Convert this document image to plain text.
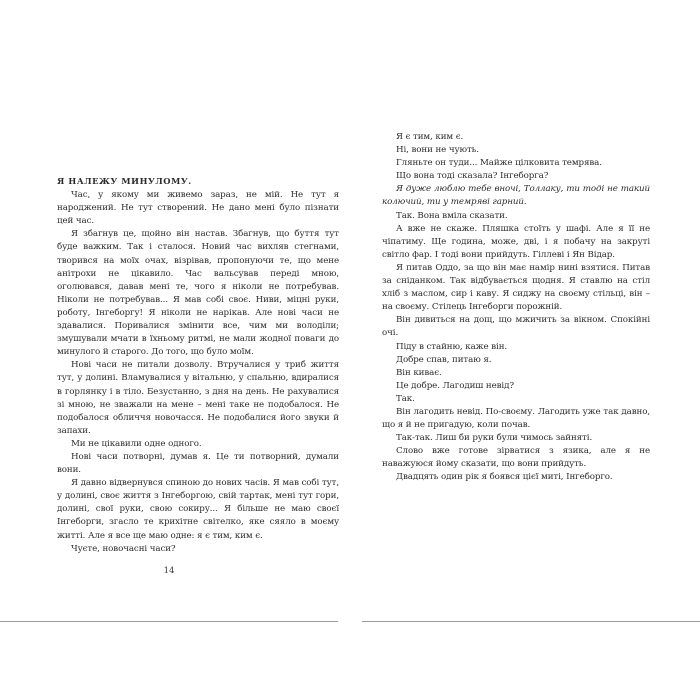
Я НАЛЕЖУ МИНУЛОМУ.

Час, у якому ми живемо зараз, не мій. Не тут я народжений. Не тут створений. Не дано мені було пізнати цей час.

Я збагнув це, щойно він настав. Збагнув, що буття тут буде важким. Так і сталося. Новий час вихляв стегнами, творився на моїх очах, візрівав, пропонуючи те, що мене анітрохи не цікавило. Час вальсував переді мною, оголювався, давав мені те, чого я ніколи не потребував. Ніколи не потребував... Я мав собі своє. Ниви, міцні руки, роботу, Інгеборгу! Я ніколи не нарікав. Але нові часи не здавалися. Поривалися змінити все, чим ми володіли; змушували мчати в їхньому ритмі, не мали жодної поваги до минулого й старого. До того, що було моїм.

Нові часи не питали дозволу. Втручалися у триб життя тут, у долині. Вламувалися у вітальню, у спальню, вдиралися в горлянку і в тіло. Безустанно, з дня на день. Не рахувалися зі мною, не зважали на мене – мені таке не подобалося. Не подобалося обличчя новочасся. Не подобалися його звуки й запахи.

Ми не цікавили одне одного.

Нові часи потворні, думав я. Це ти потворний, думали вони.

Я давно відвернувся спиною до нових часів. Я мав собі тут, у долині, своє життя з Інгеборгою, свій тартак, мені тут гори, долині, свої руки, свою сокиру... Я більше не маю своєї Інгеборги, згасло те крихітне світелко, яке сяяло в моєму житті. Але я все ще маю одне: я є тим, ким є.

Чуєте, новочасні часи?

14

Я є тим, ким є.

Ні, вони не чують.

Гляньте он туди... Майже цілковита темрява.

Що вона тоді сказала? Інгеборга?

Я дуже люблю тебе вночі, Толлаку, ти тоді не такий колючий, ти у темряві гарний.

Так. Вона вміла сказати.

А вже не скаже. Пляшка стоїть у шафі. Але я її не чіпатиму. Ще година, може, дві, і я побачу на закруті світло фар. І тоді вони прийдуть. Гіллеві і Ян Відар.

Я питав Оддо, за що він має намір нині взятися. Питав за сніданком. Так відбувається щодня. Я ставлю на стіл хліб з маслом, сир і каву. Я сиджу на своєму стільці, він – на своєму. Стілець Інгеборги порожній.

Він дивиться на дощ, що мжичить за вікном. Спокійні очі.

Піду в стайню, каже він.

Добре спав, питаю я.

Він киває.

Це добре. Лагодиш невід?

Так.

Він лагодить невід. По-своєму. Лагодить уже так давно, що я й не пригадую, коли почав.

Так-так. Лиш би руки були чимось зайняті.

Слово вже готове зірватися з язика, але я не наважуюся йому сказати, що вони прийдуть.

Двадцять один рік я боявся цієї миті, Інгеборго.
